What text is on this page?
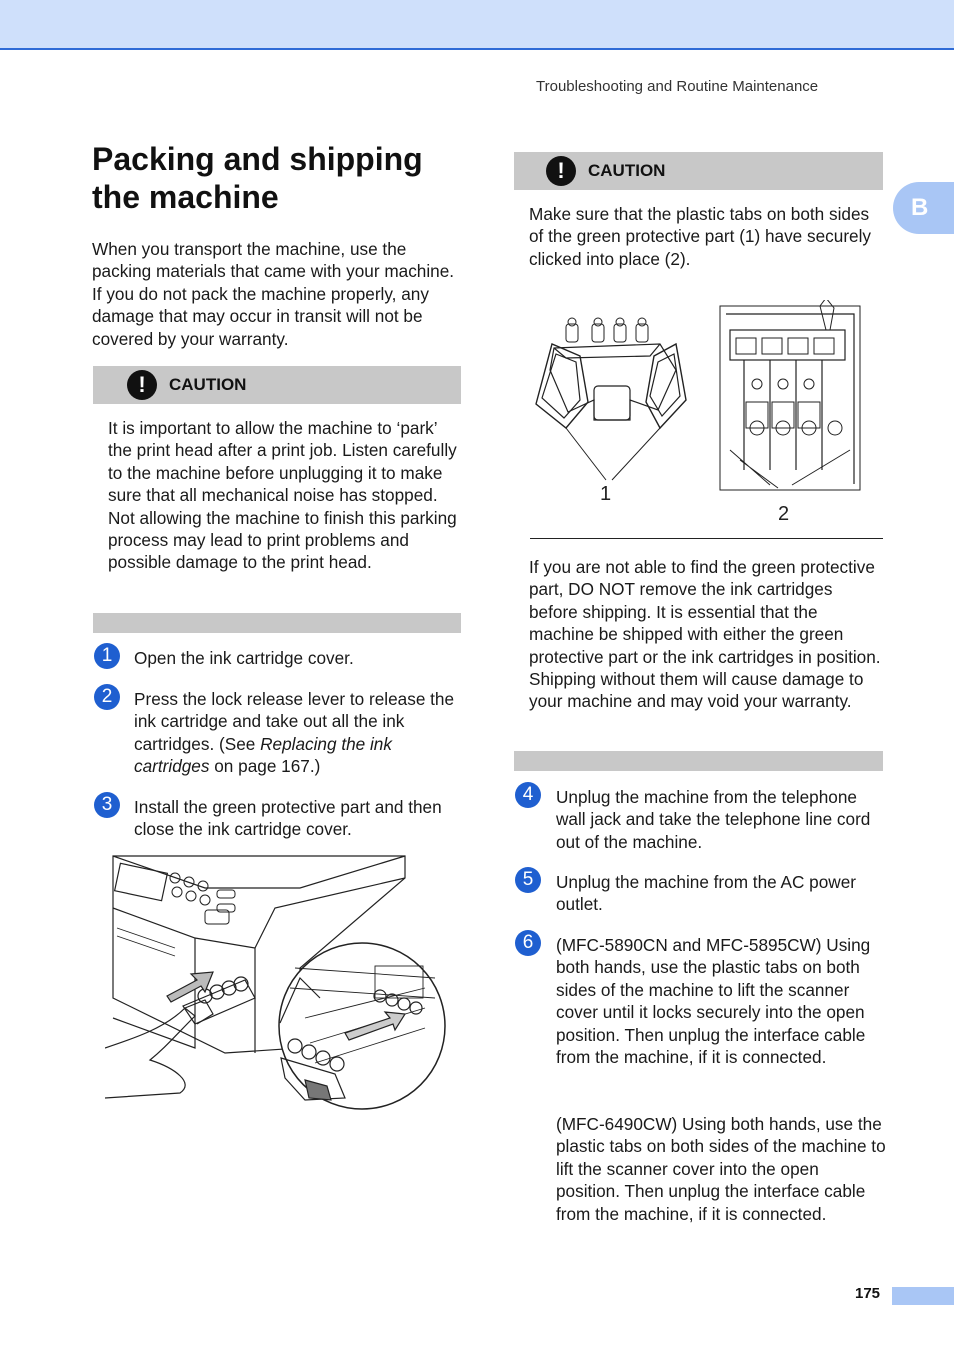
Troubleshooting and Routine Maintenance
B
Packing and shipping the machine

When you transport the machine, use the packing materials that came with your machine. If you do not pack the machine properly, any damage that may occur in transit will not be covered by your warranty.

!	CAUTION

It is important to allow the machine to ‘park’ the print head after a print job. Listen carefully to the machine before unplugging it to make sure that all mechanical noise has stopped. Not allowing the machine to finish this parking process may lead to print problems and possible damage to the print head.

1	Open the ink cartridge cover.

2	Press the lock release lever to release the ink cartridge and take out all the ink cartridges. (See Replacing the ink cartridges on page 167.)

3	Install the green protective part and then close the ink cartridge cover.

!	CAUTION

Make sure that the plastic tabs on both sides of the green protective part (1) have securely clicked into place (2).

1
2

If you are not able to find the green protective part, DO NOT remove the ink cartridges before shipping. It is essential that the machine be shipped with either the green protective part or the ink cartridges in position. Shipping without them will cause damage to your machine and may void your warranty.

4	Unplug the machine from the telephone wall jack and take the telephone line cord out of the machine.

5	Unplug the machine from the AC power outlet.

6	(MFC-5890CN and MFC-5895CW) Using both hands, use the plastic tabs on both sides of the machine to lift the scanner cover until it locks securely into the open position. Then unplug the interface cable from the machine, if it is connected.

(MFC-6490CW) Using both hands, use the plastic tabs on both sides of the machine to lift the scanner cover into the open position. Then unplug the interface cable from the machine, if it is connected.

175
